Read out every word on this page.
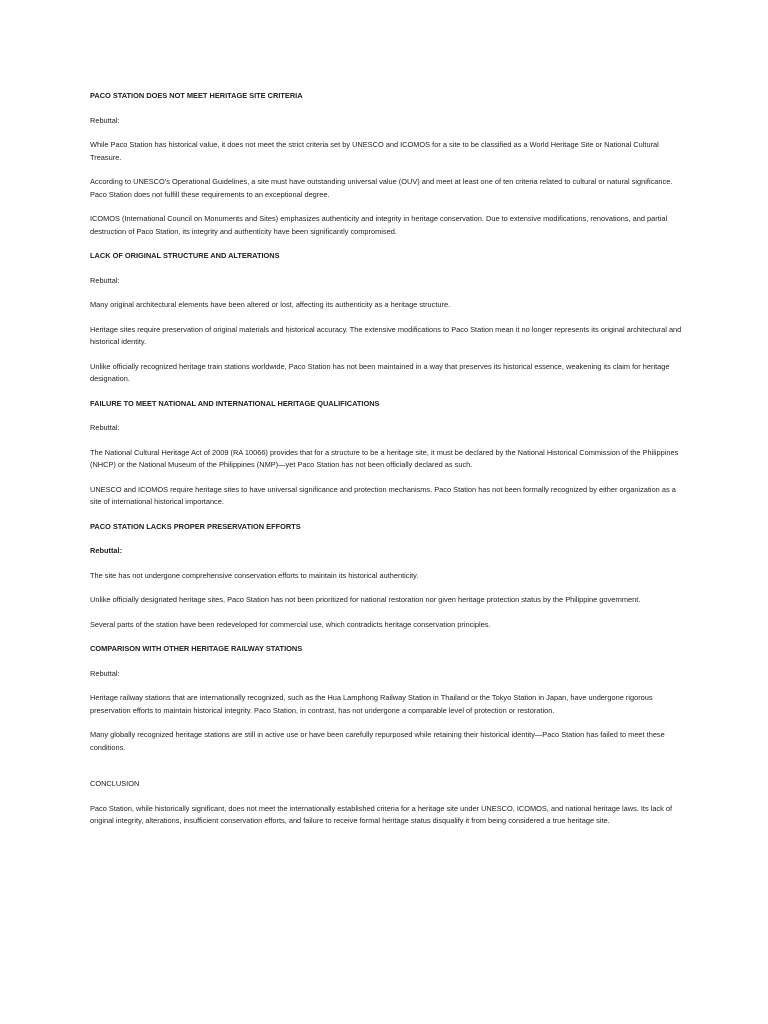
PACO STATION DOES NOT MEET HERITAGE SITE CRITERIA

Rebuttal:

While Paco Station has historical value, it does not meet the strict criteria set by UNESCO and ICOMOS for a site to be classified as a World Heritage Site or National Cultural Treasure.

According to UNESCO’s Operational Guidelines, a site must have outstanding universal value (OUV) and meet at least one of ten criteria related to cultural or natural significance. Paco Station does not fulfill these requirements to an exceptional degree.

ICOMOS (International Council on Monuments and Sites) emphasizes authenticity and integrity in heritage conservation. Due to extensive modifications, renovations, and partial destruction of Paco Station, its integrity and authenticity have been significantly compromised.

LACK OF ORIGINAL STRUCTURE AND ALTERATIONS

Rebuttal:

Many original architectural elements have been altered or lost, affecting its authenticity as a heritage structure.

Heritage sites require preservation of original materials and historical accuracy. The extensive modifications to Paco Station mean it no longer represents its original architectural and historical identity.

Unlike officially recognized heritage train stations worldwide, Paco Station has not been maintained in a way that preserves its historical essence, weakening its claim for heritage designation.

FAILURE TO MEET NATIONAL AND INTERNATIONAL HERITAGE QUALIFICATIONS

Rebuttal:

The National Cultural Heritage Act of 2009 (RA 10066) provides that for a structure to be a heritage site, it must be declared by the National Historical Commission of the Philippines (NHCP) or the National Museum of the Philippines (NMP)—yet Paco Station has not been officially declared as such.

UNESCO and ICOMOS require heritage sites to have universal significance and protection mechanisms. Paco Station has not been formally recognized by either organization as a site of international historical importance.

PACO STATION LACKS PROPER PRESERVATION EFFORTS

Rebuttal:

The site has not undergone comprehensive conservation efforts to maintain its historical authenticity.

Unlike officially designated heritage sites, Paco Station has not been prioritized for national restoration nor given heritage protection status by the Philippine government.

Several parts of the station have been redeveloped for commercial use, which contradicts heritage conservation principles.

COMPARISON WITH OTHER HERITAGE RAILWAY STATIONS

Rebuttal:

Heritage railway stations that are internationally recognized, such as the Hua Lamphong Railway Station in Thailand or the Tokyo Station in Japan, have undergone rigorous preservation efforts to maintain historical integrity. Paco Station, in contrast, has not undergone a comparable level of protection or restoration.

Many globally recognized heritage stations are still in active use or have been carefully repurposed while retaining their historical identity—Paco Station has failed to meet these conditions.

CONCLUSION

Paco Station, while historically significant, does not meet the internationally established criteria for a heritage site under UNESCO, ICOMOS, and national heritage laws. Its lack of original integrity, alterations, insufficient conservation efforts, and failure to receive formal heritage status disqualify it from being considered a true heritage site.
